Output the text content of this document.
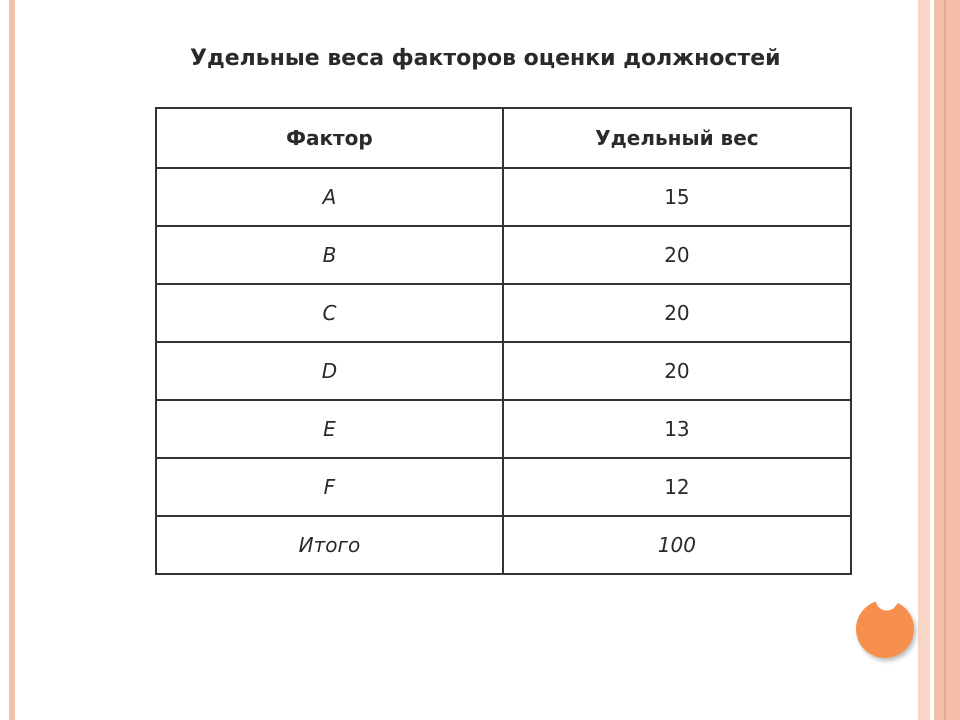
Удельные веса факторов оценки должностей
Фактор	Удельный вес
A	15
B	20
C	20
D	20
E	13
F	12
Итого	100
